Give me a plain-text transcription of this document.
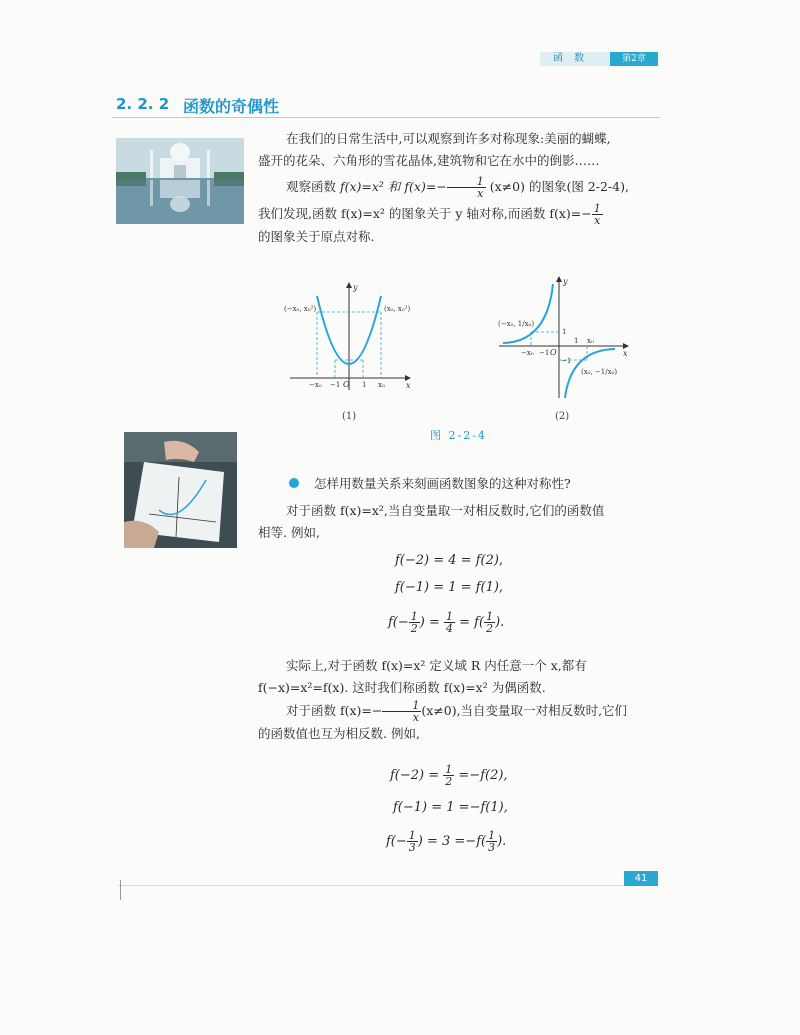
函 数	第2章
2. 2. 2 函数的奇偶性

在我们的日常生活中,可以观察到许多对称现象:美丽的蝴蝶,

盛开的花朵、六角形的雪花晶体,建筑物和它在水中的倒影……

观察函数 f(x)=x² 和 $f(x)=- \frac{1}{x} (x\ne 0)$ 的图象(图 2-2-4),

我们发现,函数 f(x)=x² 的图象关于 y 轴对称,而函数 $f(x)=- \frac{1}{x}$

的图象关于原点对称.

y
x
(−x₀, x₀²)	(x₀, x₀²)
−x₀ −1 O 1 x₀
(1)
y
x
(−x₀, 1/x₀)
(x₀, −1/x₀)
−x₀ −1 O
1 x₀
1
−1
(2)
图 2-2-4
怎样用数量关系来刻画函数图象的这种对称性?
对于函数 f(x)=x²,当自变量取一对相反数时,它们的函数值
相等. 例如,
f(−2) = 4 = f(2),
f(−1) = 1 = f(1),
$f(- \frac{1}{2}$ ) = $\frac{1}{4} = f( \frac{1}{2}$ ).
实际上,对于函数 f(x)=x² 定义域 R 内任意一个 x,都有
f(−x)=x²=f(x). 这时我们称函数 f(x)=x² 为偶函数.
对于函数 $f(x)=- \frac{1}{x} (x\ne 0)$,当自变量取一对相反数时,它们
的函数值也互为相反数. 例如,
$f(-2) = \frac{1}{2} =-f(2)$,
f(−1) = 1 =−f(1),
$f(- \frac{1}{3}$ ) = $3 =-f( \frac{1}{3}$ ).
41
